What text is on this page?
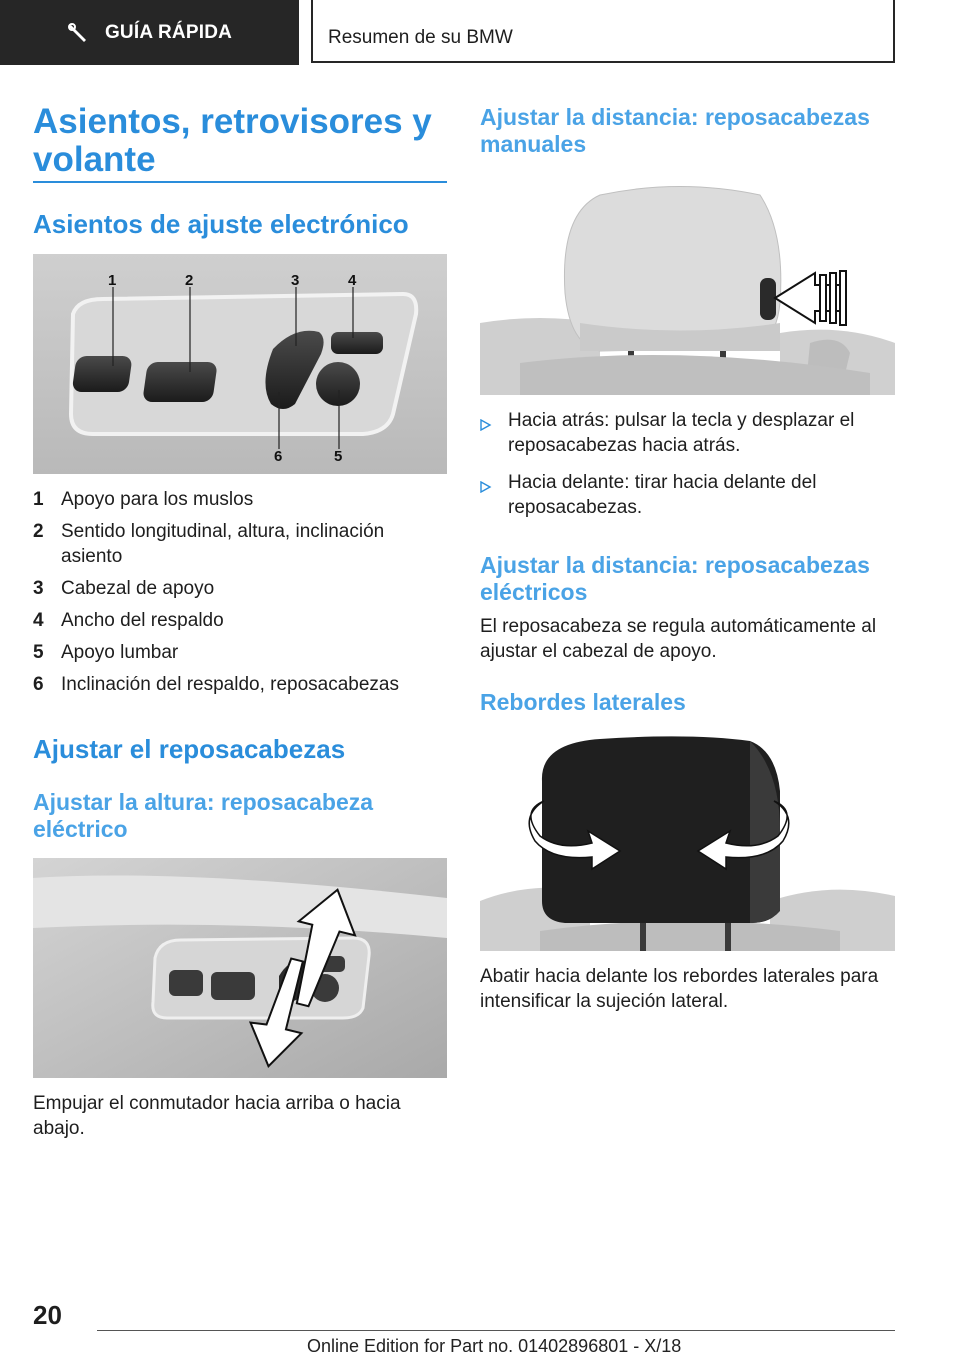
GUÍA RÁPIDA	Resumen de su BMW
Asientos, retrovisores y volante
Asientos de ajuste electrónico
1	2	3	4
6	5
1 Apoyo para los muslos
2 Sentido longitudinal, altura, inclinación asiento
3 Cabezal de apoyo
4 Ancho del respaldo
5 Apoyo lumbar
6 Inclinación del respaldo, reposacabezas
Ajustar el reposacabezas
Ajustar la altura: reposacabeza eléctrico

Empujar el conmutador hacia arriba o hacia abajo.

Ajustar la distancia: reposacabezas manuales
Hacia atrás: pulsar la tecla y desplazar el reposacabezas hacia atrás.
Hacia delante: tirar hacia delante del reposacabezas.
Ajustar la distancia: reposacabezas eléctricos

El reposacabeza se regula automáticamente al ajustar el cabezal de apoyo.

Rebordes laterales

Abatir hacia delante los rebordes laterales para intensificar la sujeción lateral.

20
Online Edition for Part no. 01402896801 - X/18
